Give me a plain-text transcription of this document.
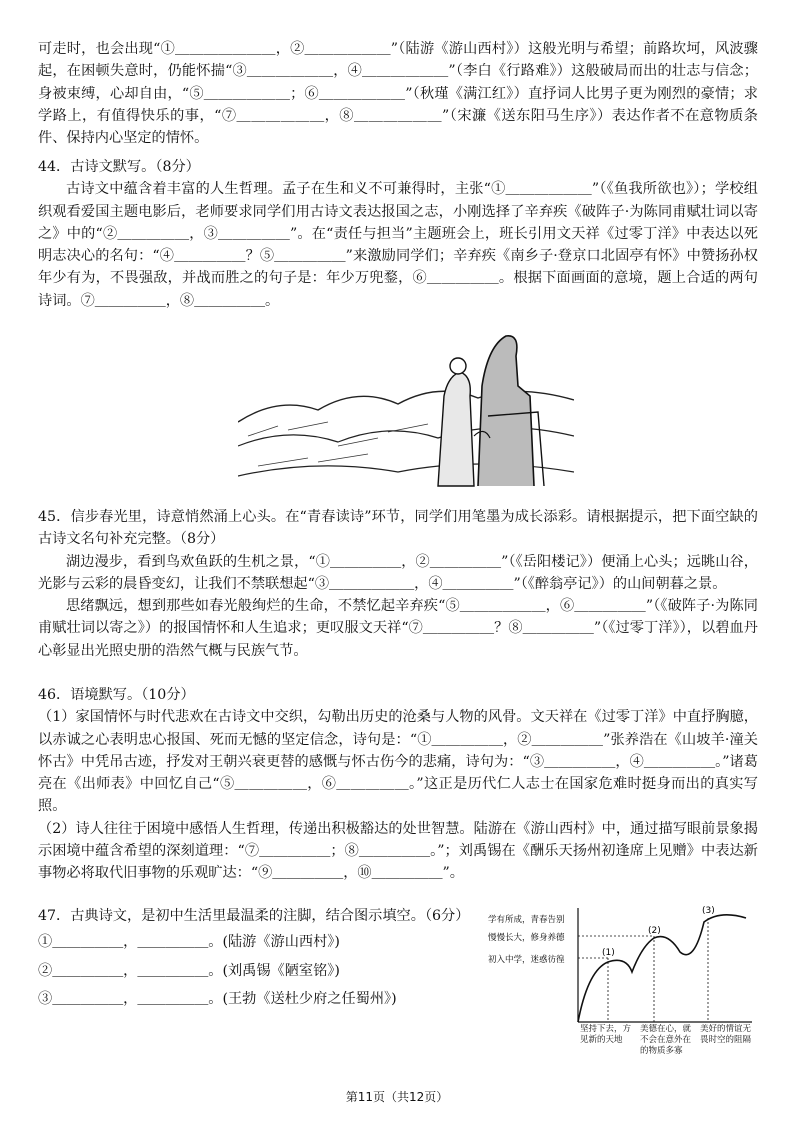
可走时，也会出现“①＿＿＿＿＿＿＿，②＿＿＿＿＿＿”（陆游《游山西村》）这般光明与希望；前路坎坷，风波骤起，在困顿失意时，仍能怀揣“③＿＿＿＿＿＿，④＿＿＿＿＿＿”（李白《行路难》）这般破局而出的壮志与信念；身被束缚，心却自由，“⑤＿＿＿＿＿＿；⑥＿＿＿＿＿＿”（秋瑾《满江红》）直抒词人比男子更为刚烈的豪情；求学路上，有值得快乐的事，“⑦＿＿＿＿＿＿，⑧＿＿＿＿＿＿”（宋濂《送东阳马生序》）表达作者不在意物质条件、保持内心坚定的情怀。
44．古诗文默写。（8分）
古诗文中蕴含着丰富的人生哲理。孟子在生和义不可兼得时，主张“①＿＿＿＿＿＿”（《鱼我所欲也》）；学校组织观看爱国主题电影后，老师要求同学们用古诗文表达报国之志，小刚选择了辛弃疾《破阵子·为陈同甫赋壮词以寄之》中的“②＿＿＿＿＿，③＿＿＿＿＿”。在“责任与担当”主题班会上，班长引用文天祥《过零丁洋》中表达以死明志决心的名句：“④＿＿＿＿＿？⑤＿＿＿＿＿”来激励同学们；辛弃疾《南乡子·登京口北固亭有怀》中赞扬孙权年少有为，不畏强敌，并战而胜之的句子是：年少万兜鍪，⑥＿＿＿＿＿。根据下面画面的意境，题上合适的两句诗词。⑦＿＿＿＿＿，⑧＿＿＿＿＿。
45．信步春光里，诗意悄然涌上心头。在“青春读诗”环节，同学们用笔墨为成长添彩。请根据提示，把下面空缺的古诗文名句补充完整。（8分）
湖边漫步，看到鸟欢鱼跃的生机之景，“①＿＿＿＿＿，②＿＿＿＿＿”（《岳阳楼记》）便涌上心头；远眺山谷，光影与云彩的晨昏变幻，让我们不禁联想起“③＿＿＿＿＿＿，④＿＿＿＿＿”（《醉翁亭记》）的山间朝暮之景。
思绪飘远，想到那些如春光般绚烂的生命，不禁忆起辛弃疾“⑤＿＿＿＿＿＿，⑥＿＿＿＿＿”（《破阵子·为陈同甫赋壮词以寄之》）的报国情怀和人生追求；更叹服文天祥“⑦＿＿＿＿＿？⑧＿＿＿＿＿”（《过零丁洋》），以碧血丹心彰显出光照史册的浩然气概与民族气节。
46．语境默写。（10分）
（1）家国情怀与时代悲欢在古诗文中交织，勾勒出历史的沧桑与人物的风骨。文天祥在《过零丁洋》中直抒胸臆，以赤诚之心表明忠心报国、死而无憾的坚定信念，诗句是：“①＿＿＿＿＿，②＿＿＿＿＿”张养浩在《山坡羊·潼关怀古》中凭吊古迹，抒发对王朝兴衰更替的感慨与怀古伤今的悲痛，诗句为：“③＿＿＿＿＿，④＿＿＿＿＿。”诸葛亮在《出师表》中回忆自己“⑤＿＿＿＿＿，⑥＿＿＿＿＿。”这正是历代仁人志士在国家危难时挺身而出的真实写照。
（2）诗人往往于困境中感悟人生哲理，传递出积极豁达的处世智慧。陆游在《游山西村》中，通过描写眼前景象揭示困境中蕴含希望的深刻道理：“⑦＿＿＿＿＿；⑧＿＿＿＿＿。”；刘禹锡在《酬乐天扬州初逢席上见赠》中表达新事物必将取代旧事物的乐观旷达：“⑨＿＿＿＿＿，⑩＿＿＿＿＿”。
47．古典诗文，是初中生活里最温柔的注脚，结合图示填空。（6分）
①＿＿＿＿＿，＿＿＿＿＿。(陆游《游山西村》)
②＿＿＿＿＿，＿＿＿＿＿。(刘禹锡《陋室铭》)
③＿＿＿＿＿，＿＿＿＿＿。(王勃《送杜少府之任蜀州》)
学有所成，青春告别
慢慢长大，修身养德
初入中学，迷惑彷徨
(1)
(2)
(3)
坚持下去，方见新的天地
美德在心，就不会在意外在的物质多寡
美好的情谊无畏时空的阻隔
第11页（共12页）
